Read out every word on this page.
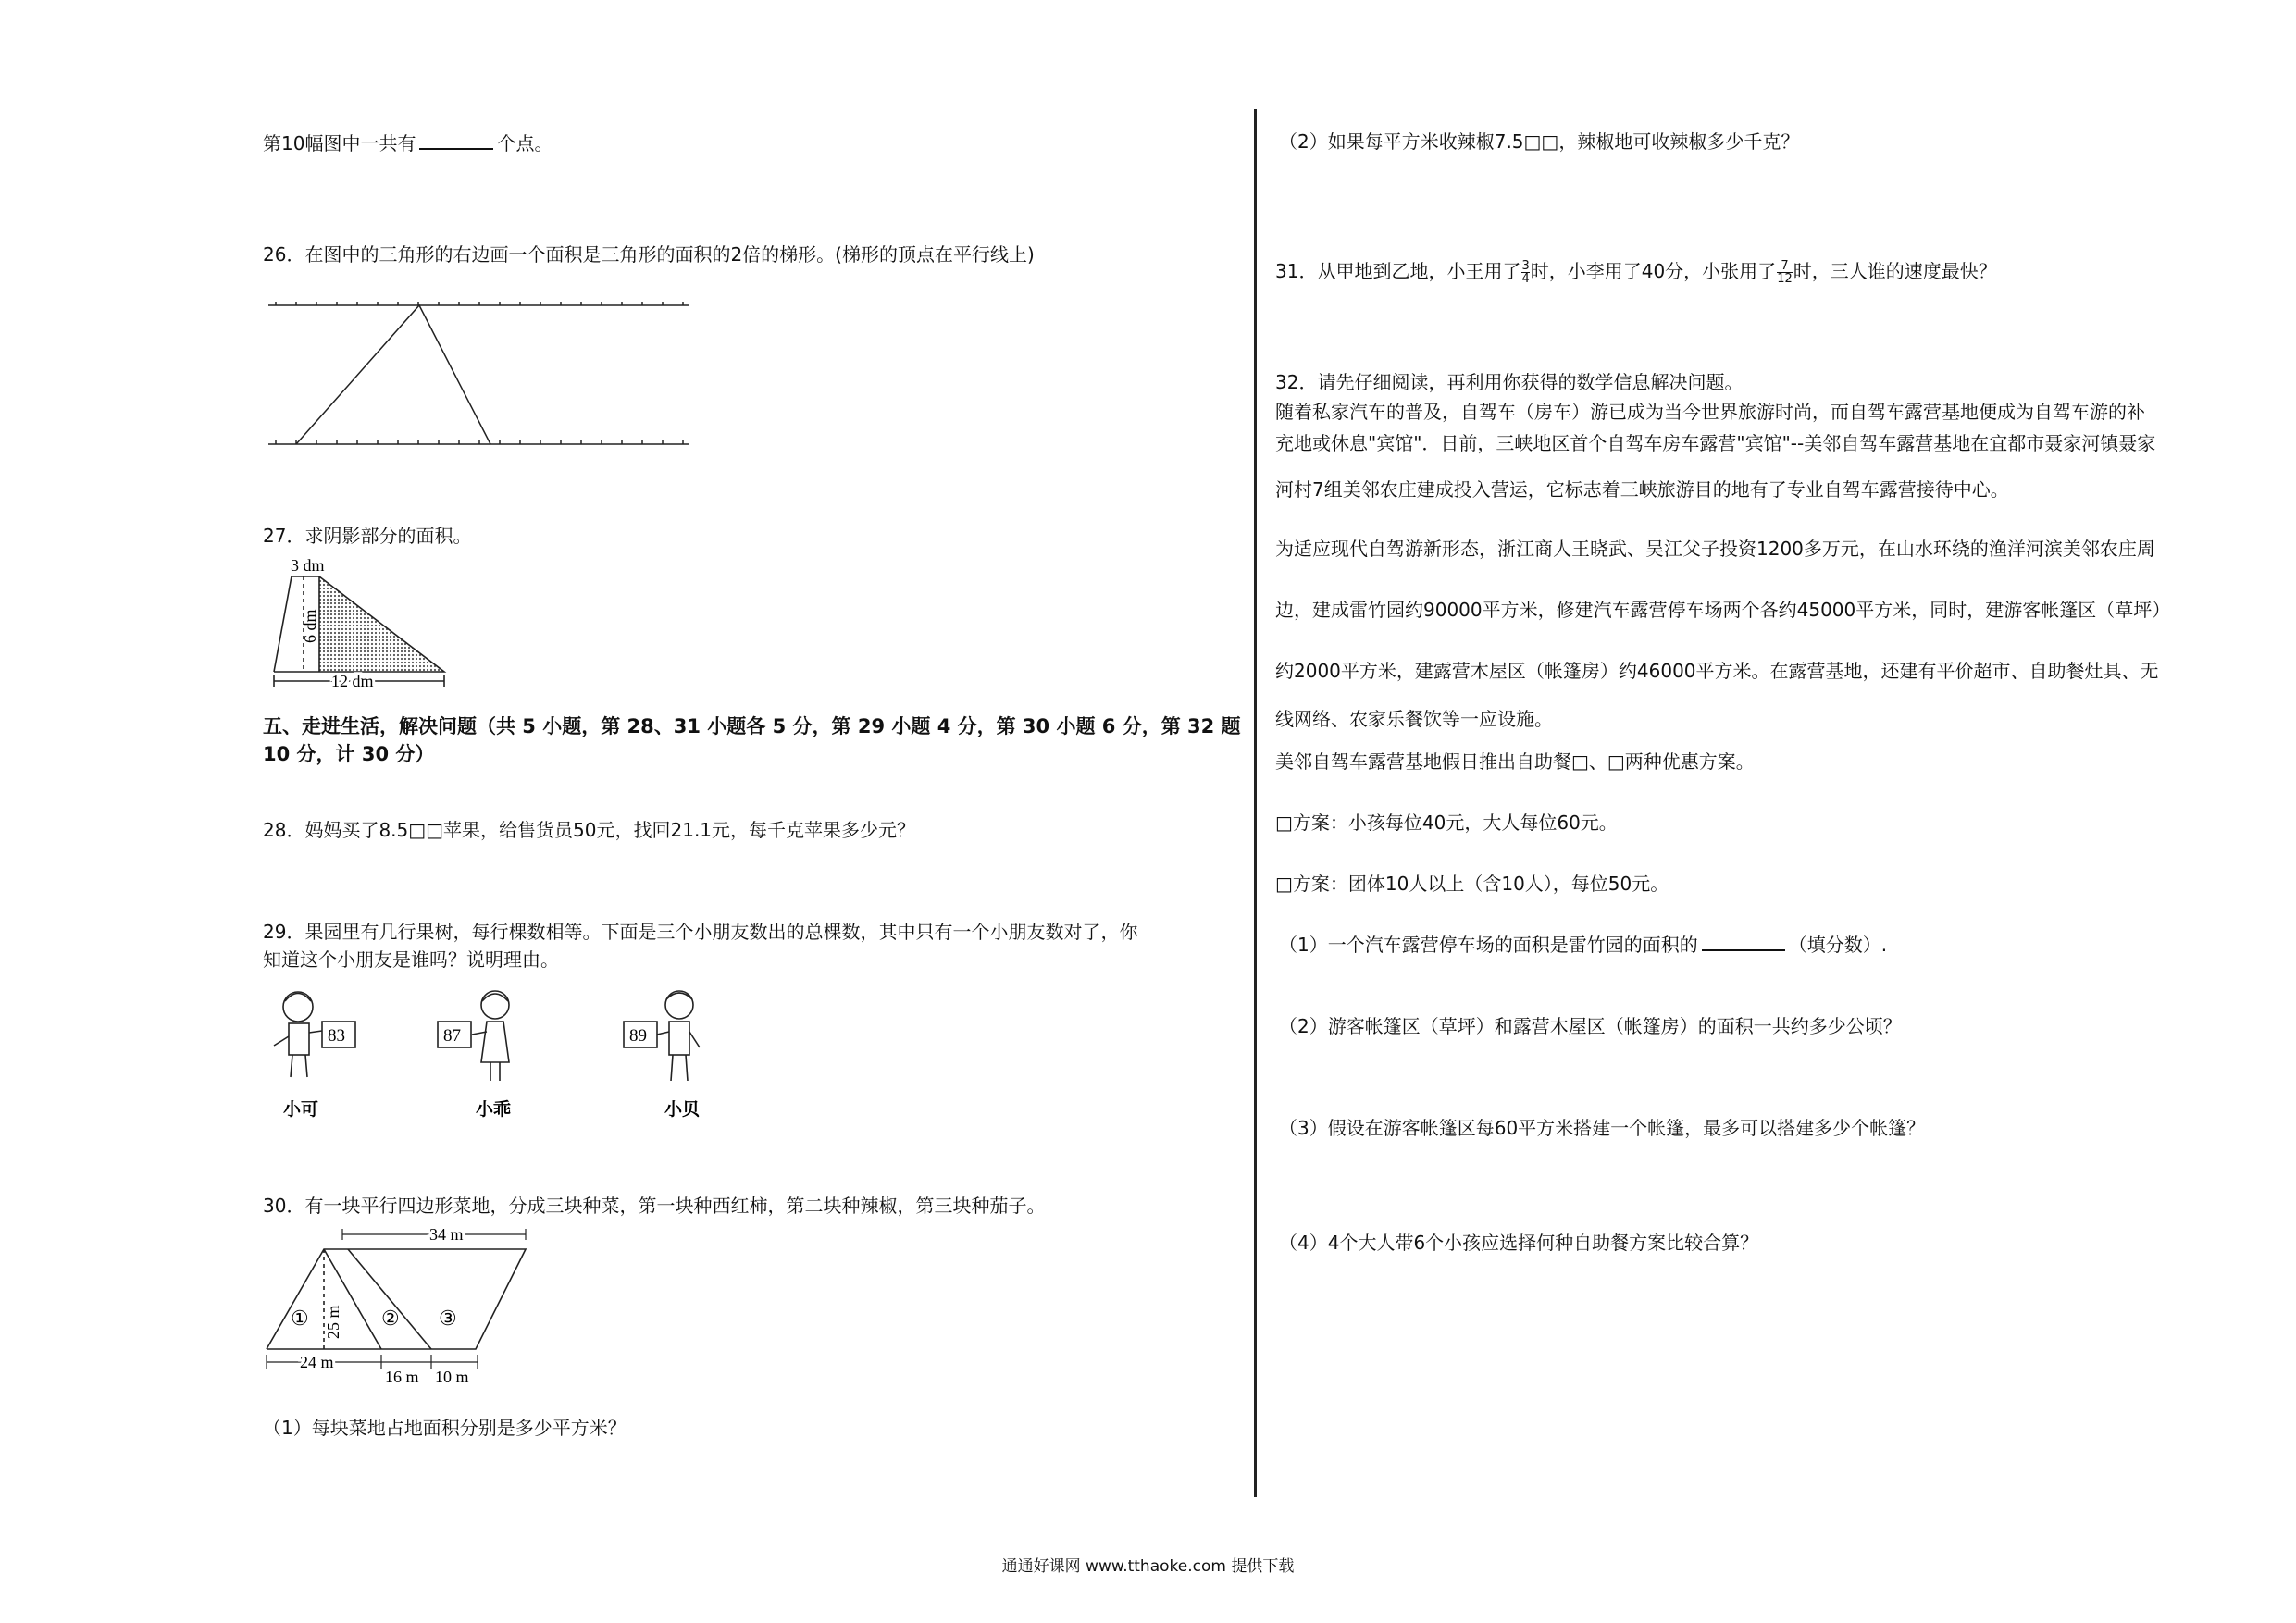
第10幅图中一共有	个点。
26．在图中的三角形的右边画一个面积是三角形的面积的2倍的梯形。(梯形的顶点在平行线上)
27．求阴影部分的面积。
3 dm
6 dm
12 dm
五、走进生活，解决问题（共 5 小题，第 28、31 小题各 5 分，第 29 小题 4 分，第 30 小题 6 分，第 32 题
10 分，计 30 分）
28．妈妈买了8.5□□苹果，给售货员50元，找回21.1元，每千克苹果多少元？
29．果园里有几行果树，每行棵数相等。下面是三个小朋友数出的总棵数，其中只有一个小朋友数对了，你
知道这个小朋友是谁吗？说明理由。
83	87	89
小可	小乖	小贝
30．有一块平行四边形菜地，分成三块种菜，第一块种西红柿，第二块种辣椒，第三块种茄子。
34 m
25 m
①	② ③
24 m
16 m 10 m
（1）每块菜地占地面积分别是多少平方米？
（2）如果每平方米收辣椒7.5□□，辣椒地可收辣椒多少千克？
31．从甲地到乙地，小王用了 $\frac{3}{4}$ 时，小李用了40分，小张用了 $\frac{7}{12}$ 时，三人谁的速度最快？
32．请先仔细阅读，再利用你获得的数学信息解决问题。
随着私家汽车的普及，自驾车（房车）游已成为当今世界旅游时尚，而自驾车露营基地便成为自驾车游的补
充地或休息"宾馆"．日前，三峡地区首个自驾车房车露营"宾馆"--美邻自驾车露营基地在宜都市聂家河镇聂家
河村7组美邻农庄建成投入营运，它标志着三峡旅游目的地有了专业自驾车露营接待中心。
为适应现代自驾游新形态，浙江商人王晓武、吴江父子投资1200多万元，在山水环绕的渔洋河滨美邻农庄周
边，建成雷竹园约90000平方米，修建汽车露营停车场两个各约45000平方米，同时，建游客帐篷区（草坪）
约2000平方米，建露营木屋区（帐篷房）约46000平方米。在露营基地，还建有平价超市、自助餐灶具、无
线网络、农家乐餐饮等一应设施。
美邻自驾车露营基地假日推出自助餐□、□两种优惠方案。
□方案：小孩每位40元，大人每位60元。
□方案：团体10人以上（含10人），每位50元。
（1）一个汽车露营停车场的面积是雷竹园的面积的	（填分数）.
（2）游客帐篷区（草坪）和露营木屋区（帐篷房）的面积一共约多少公顷？
（3）假设在游客帐篷区每60平方米搭建一个帐篷，最多可以搭建多少个帐篷？
（4）4个大人带6个小孩应选择何种自助餐方案比较合算？
通通好课网 www.tthaoke.com 提供下载
